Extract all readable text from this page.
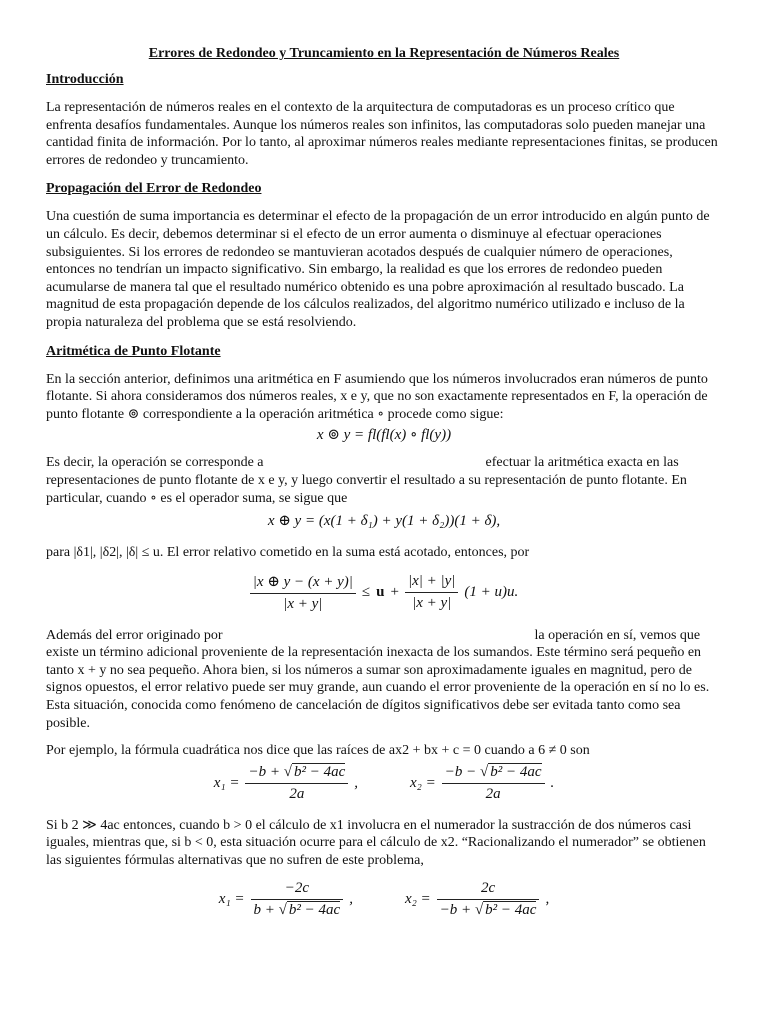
Errores de Redondeo y Truncamiento en la Representación de Números Reales
Introducción

La representación de números reales en el contexto de la arquitectura de computadoras es un proceso crítico que enfrenta desafíos fundamentales. Aunque los números reales son infinitos, las computadoras solo pueden manejar una cantidad finita de información. Por lo tanto, al aproximar números reales mediante representaciones finitas, se producen errores de redondeo y truncamiento.

Propagación del Error de Redondeo

Una cuestión de suma importancia es determinar el efecto de la propagación de un error introducido en algún punto de un cálculo. Es decir, debemos determinar si el efecto de un error aumenta o disminuye al efectuar operaciones subsiguientes. Si los errores de redondeo se mantuvieran acotados después de cualquier número de operaciones, entonces no tendrían un impacto significativo. Sin embargo, la realidad es que los errores de redondeo pueden acumularse de manera tal que el resultado numérico obtenido es una pobre aproximación al resultado buscado. La magnitud de esta propagación depende de los cálculos realizados, del algoritmo numérico utilizado e incluso de la propia naturaleza del problema que se está resolviendo.

Aritmética de Punto Flotante

En la sección anterior, definimos una aritmética en F asumiendo que los números involucrados eran números de punto flotante. Si ahora consideramos dos números reales, x e y, que no son exactamente representados en F, la operación de punto flotante ⊚ correspondiente a la operación aritmética ∘ procede como sigue:

x ⊚ y = fl(fl(x) ∘ fl(y))

Es decir, la operación se corresponde a	efectuar la aritmética exacta en las representaciones de punto flotante de x e y, y luego convertir el resultado a su representación de punto flotante. En particular, cuando ∘ es el operador suma, se sigue que

x ⊕ y = (x(1 + δ₁) + y(1 + δ₂))(1 + δ),

para |δ1|, |δ2|, |δ| ≤ u. El error relativo cometido en la suma está acotado, entonces, por

$\frac{|x \oplus y - (x + y)|}{|x + y|} \le u + \frac{|x| + |y|}{|x + y|} (1 + u)u$.

Además del error originado por	la operación en sí, vemos que existe un término adicional proveniente de la representación inexacta de los sumandos. Este término será pequeño en tanto x + y no sea pequeño. Ahora bien, si los números a sumar son aproximadamente iguales en magnitud, pero de signos opuestos, el error relativo puede ser muy grande, aun cuando el error proveniente de la operación en sí no lo es. Esta situación, conocida como fenómeno de cancelación de dígitos significativos debe ser evitada tanto como sea posible.

Por ejemplo, la fórmula cuadrática nos dice que las raíces de ax2 + bx + c = 0 cuando a 6 ≠ 0 son

$x_1 = \frac{\text{−b + √ b² − 4ac}}{2a}$ ,	$x_2 = \frac{\text{−b − √ b² − 4ac}}{2a}$ .

Si b 2 ≫ 4ac entonces, cuando b > 0 el cálculo de x1 involucra en el numerador la sustracción de dos números casi iguales, mientras que, si b < 0, esta situación ocurre para el cálculo de x2. “Racionalizando el numerador” se obtienen las siguientes fórmulas alternativas que no sufren de este problema,

$x_1 = \frac{-2c}{\text{b + √ b² − 4ac}}$ ,	$x_2 = \frac{2c}{\text{−b + √ b² − 4ac}}$ ,
